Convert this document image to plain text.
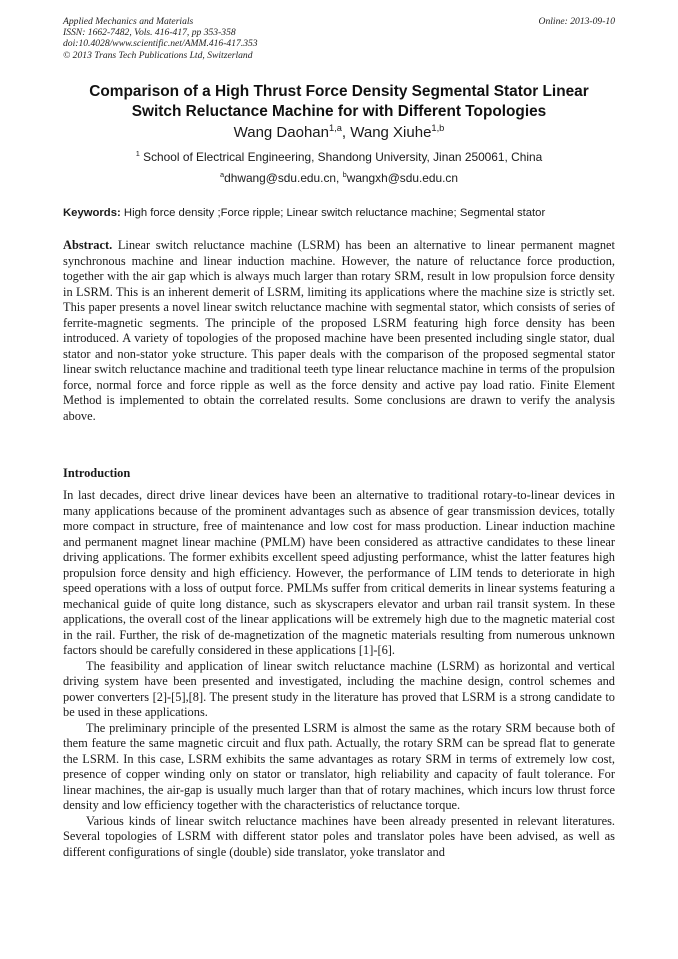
Applied Mechanics and Materials
ISSN: 1662-7482, Vols. 416-417, pp 353-358
doi:10.4028/www.scientific.net/AMM.416-417.353
© 2013 Trans Tech Publications Ltd, Switzerland
Online: 2013-09-10
Comparison of a High Thrust Force Density Segmental Stator Linear Switch Reluctance Machine for with Different Topologies
Wang Daohan$^{1,a}$, Wang Xiuhe$^{1,b}$
$^1$ School of Electrical Engineering, Shandong University, Jinan 250061, China
$^a$dhwang@sdu.edu.cn, $^b$wangxh@sdu.edu.cn
Keywords: High force density ;Force ripple; Linear switch reluctance machine; Segmental stator

Abstract. Linear switch reluctance machine (LSRM) has been an alternative to linear permanent magnet synchronous machine and linear induction machine. However, the nature of reluctance force production, together with the air gap which is always much larger than rotary SRM, result in low propulsion force density in LSRM. This is an inherent demerit of LSRM, limiting its applications where the machine size is strictly set. This paper presents a novel linear switch reluctance machine with segmental stator, which consists of series of ferrite-magnetic segments. The principle of the proposed LSRM featuring high force density has been introduced. A variety of topologies of the proposed machine have been presented including single stator, dual stator and non-stator yoke structure. This paper deals with the comparison of the proposed segmental stator linear switch reluctance machine and traditional teeth type linear reluctance machine in terms of the propulsion force, normal force and force ripple as well as the force density and active pay load ratio. Finite Element Method is implemented to obtain the correlated results. Some conclusions are drawn to verify the analysis above.

Introduction

In last decades, direct drive linear devices have been an alternative to traditional rotary-to-linear devices in many applications because of the prominent advantages such as absence of gear transmission devices, totally more compact in structure, free of maintenance and low cost for mass production. Linear induction machine and permanent magnet linear machine (PMLM) have been considered as attractive candidates to these linear driving applications. The former exhibits excellent speed adjusting performance, whist the latter features high propulsion force density and high efficiency. However, the performance of LIM tends to deteriorate in high speed operations with a loss of output force. PMLMs suffer from critical demerits in linear systems featuring a mechanical guide of quite long distance, such as skyscrapers elevator and urban rail transit system. In these applications, the overall cost of the linear applications will be extremely high due to the magnetic material cost in the rail. Further, the risk of de-magnetization of the magnetic materials resulting from numerous unknown factors should be carefully considered in these applications [1]-[6].

The feasibility and application of linear switch reluctance machine (LSRM) as horizontal and vertical driving system have been presented and investigated, including the machine design, control schemes and power converters [2]-[5],[8]. The present study in the literature has proved that LSRM is a strong candidate to be used in these applications.

The preliminary principle of the presented LSRM is almost the same as the rotary SRM because both of them feature the same magnetic circuit and flux path. Actually, the rotary SRM can be spread flat to generate the LSRM. In this case, LSRM exhibits the same advantages as rotary SRM in terms of extremely low cost, presence of copper winding only on stator or translator, high reliability and capacity of fault tolerance. For linear machines, the air-gap is usually much larger than that of rotary machines, which incurs low thrust force density and low efficiency together with the characteristics of reluctance torque.

Various kinds of linear switch reluctance machines have been already presented in relevant literatures. Several topologies of LSRM with different stator poles and translator poles have been advised, as well as different configurations of single (double) side translator, yoke translator and
